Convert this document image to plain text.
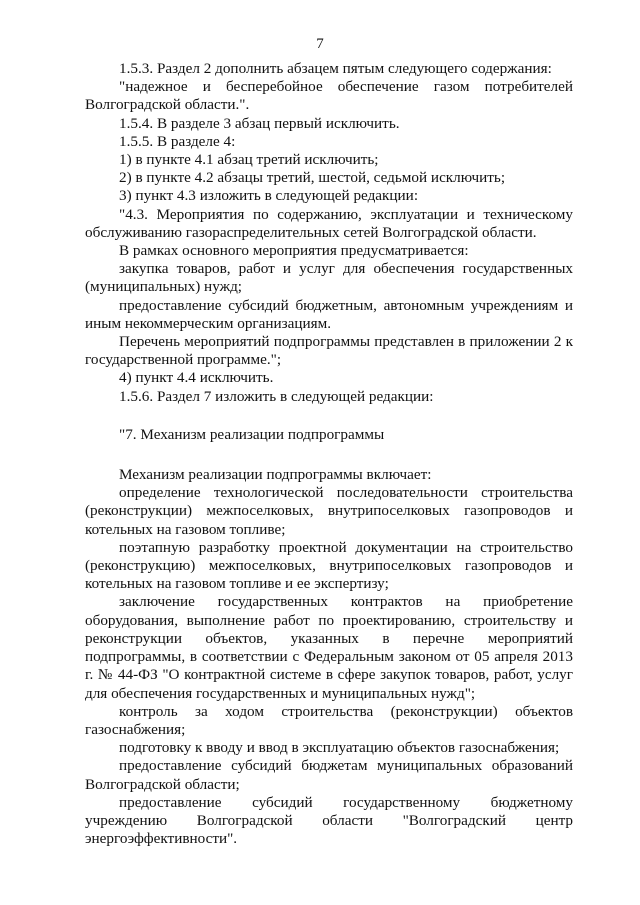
7

1.5.3. Раздел 2 дополнить абзацем пятым следующего содержания:

"надежное и бесперебойное обеспечение газом потребителей Волгоградской области.".

1.5.4. В разделе 3 абзац первый исключить.

1.5.5. В разделе 4:

1) в пункте 4.1 абзац третий исключить;

2) в пункте 4.2 абзацы третий, шестой, седьмой исключить;

3) пункт 4.3 изложить в следующей редакции:

"4.3. Мероприятия по содержанию, эксплуатации и техническому обслуживанию газораспределительных сетей Волгоградской области.

В рамках основного мероприятия предусматривается:

закупка товаров, работ и услуг для обеспечения государственных (муниципальных) нужд;

предоставление субсидий бюджетным, автономным учреждениям и иным некоммерческим организациям.

Перечень мероприятий подпрограммы представлен в приложении 2 к государственной программе.";

4) пункт 4.4 исключить.

1.5.6. Раздел 7 изложить в следующей редакции:

"7. Механизм реализации подпрограммы

Механизм реализации подпрограммы включает:

определение технологической последовательности строительства (реконструкции) межпоселковых, внутрипоселковых газопроводов и котельных на газовом топливе;

поэтапную разработку проектной документации на строительство (реконструкцию) межпоселковых, внутрипоселковых газопроводов и котельных на газовом топливе и ее экспертизу;

заключение государственных контрактов на приобретение оборудования, выполнение работ по проектированию, строительству и реконструкции объектов, указанных в перечне мероприятий подпрограммы, в соответствии с Федеральным законом от 05 апреля 2013 г. № 44-ФЗ "О контрактной системе в сфере закупок товаров, работ, услуг для обеспечения государственных и муниципальных нужд";

контроль за ходом строительства (реконструкции) объектов газоснабжения;

подготовку к вводу и ввод в эксплуатацию объектов газоснабжения;

предоставление субсидий бюджетам муниципальных образований Волгоградской области;

предоставление субсидий государственному бюджетному учреждению Волгоградской области "Волгоградский центр энергоэффективности".
